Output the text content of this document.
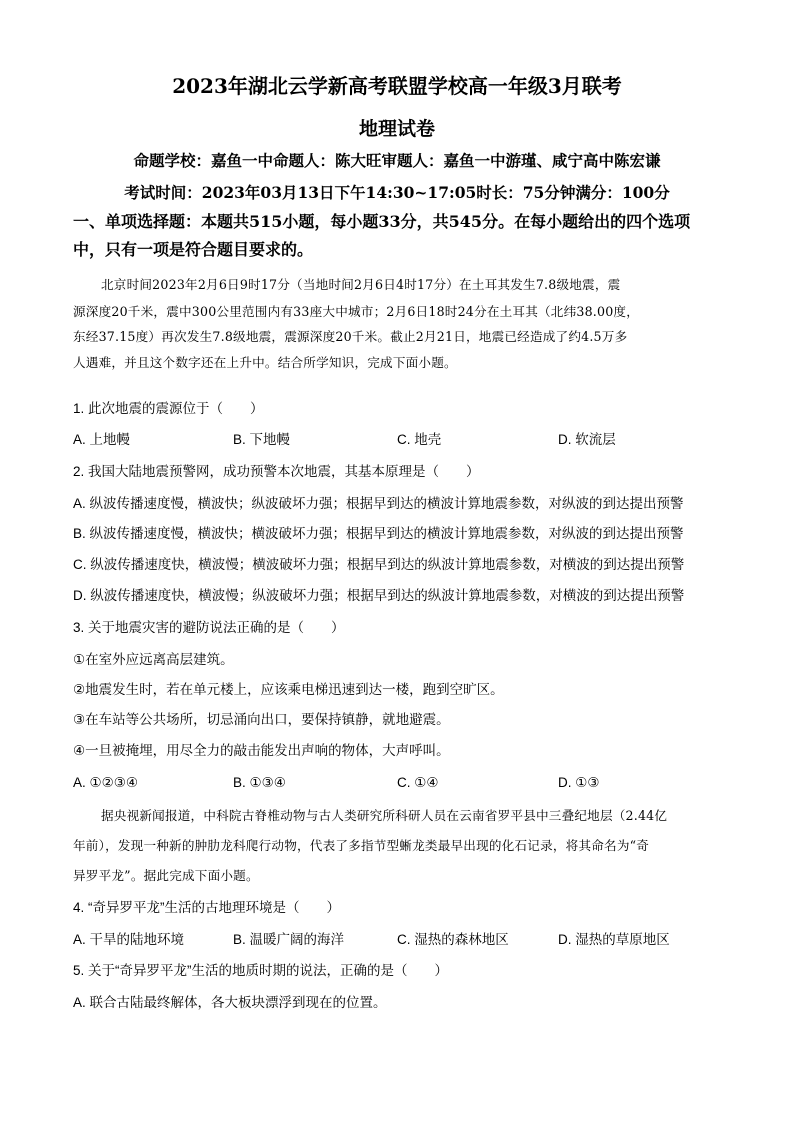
2023年湖北云学新高考联盟学校高一年级3月联考
地理试卷
命题学校：嘉鱼一中命题人：陈大旺审题人：嘉鱼一中游瑾、咸宁高中陈宏谦
考试时间：2023年03月13日下午14:30~17:05时长：75分钟满分：100分
一、单项选择题：本题共515小题，每小题33分，共545分。在每小题给出的四个选项
中，只有一项是符合题目要求的。
北京时间2023年2月6日9时17分（当地时间2月6日4时17分）在土耳其发生7.8级地震，震
源深度20千米，震中300公里范围内有33座大中城市；2月6日18时24分在土耳其（北纬38.00度，
东经37.15度）再次发生7.8级地震，震源深度20千米。截止2月21日，地震已经造成了约4.5万多
人遇难，并且这个数字还在上升中。结合所学知识，完成下面小题。
1. 此次地震的震源位于（　　）
A. 上地幔	B. 下地幔	C. 地壳	D. 软流层
2. 我国大陆地震预警网，成功预警本次地震，其基本原理是（　　）
A. 纵波传播速度慢，横波快；纵波破坏力强；根据早到达的横波计算地震参数，对纵波的到达提出预警
B. 纵波传播速度慢，横波快；横波破坏力强；根据早到达的横波计算地震参数，对纵波的到达提出预警
C. 纵波传播速度快，横波慢；横波破坏力强；根据早到达的纵波计算地震参数，对横波的到达提出预警
D. 纵波传播速度快，横波慢；纵波破坏力强；根据早到达的纵波计算地震参数，对横波的到达提出预警
3. 关于地震灾害的避防说法正确的是（　　）
①在室外应远离高层建筑。
②地震发生时，若在单元楼上，应该乘电梯迅速到达一楼，跑到空旷区。
③在车站等公共场所，切忌涌向出口，要保持镇静，就地避震。
④一旦被掩埋，用尽全力的敲击能发出声响的物体，大声呼叫。
A. ①②③④	B. ①③④	C. ①④	D. ①③
据央视新闻报道，中科院古脊椎动物与古人类研究所科研人员在云南省罗平县中三叠纪地层（2.44亿
年前），发现一种新的肿肋龙科爬行动物，代表了多指节型蜥龙类最早出现的化石记录，将其命名为“奇
异罗平龙”。据此完成下面小题。
4. “奇异罗平龙”生活的古地理环境是（　　）
A. 干旱的陆地环境	B. 温暖广阔的海洋	C. 湿热的森林地区	D. 湿热的草原地区
5. 关于“奇异罗平龙”生活的地质时期的说法，正确的是（　　）
A. 联合古陆最终解体，各大板块漂浮到现在的位置。
